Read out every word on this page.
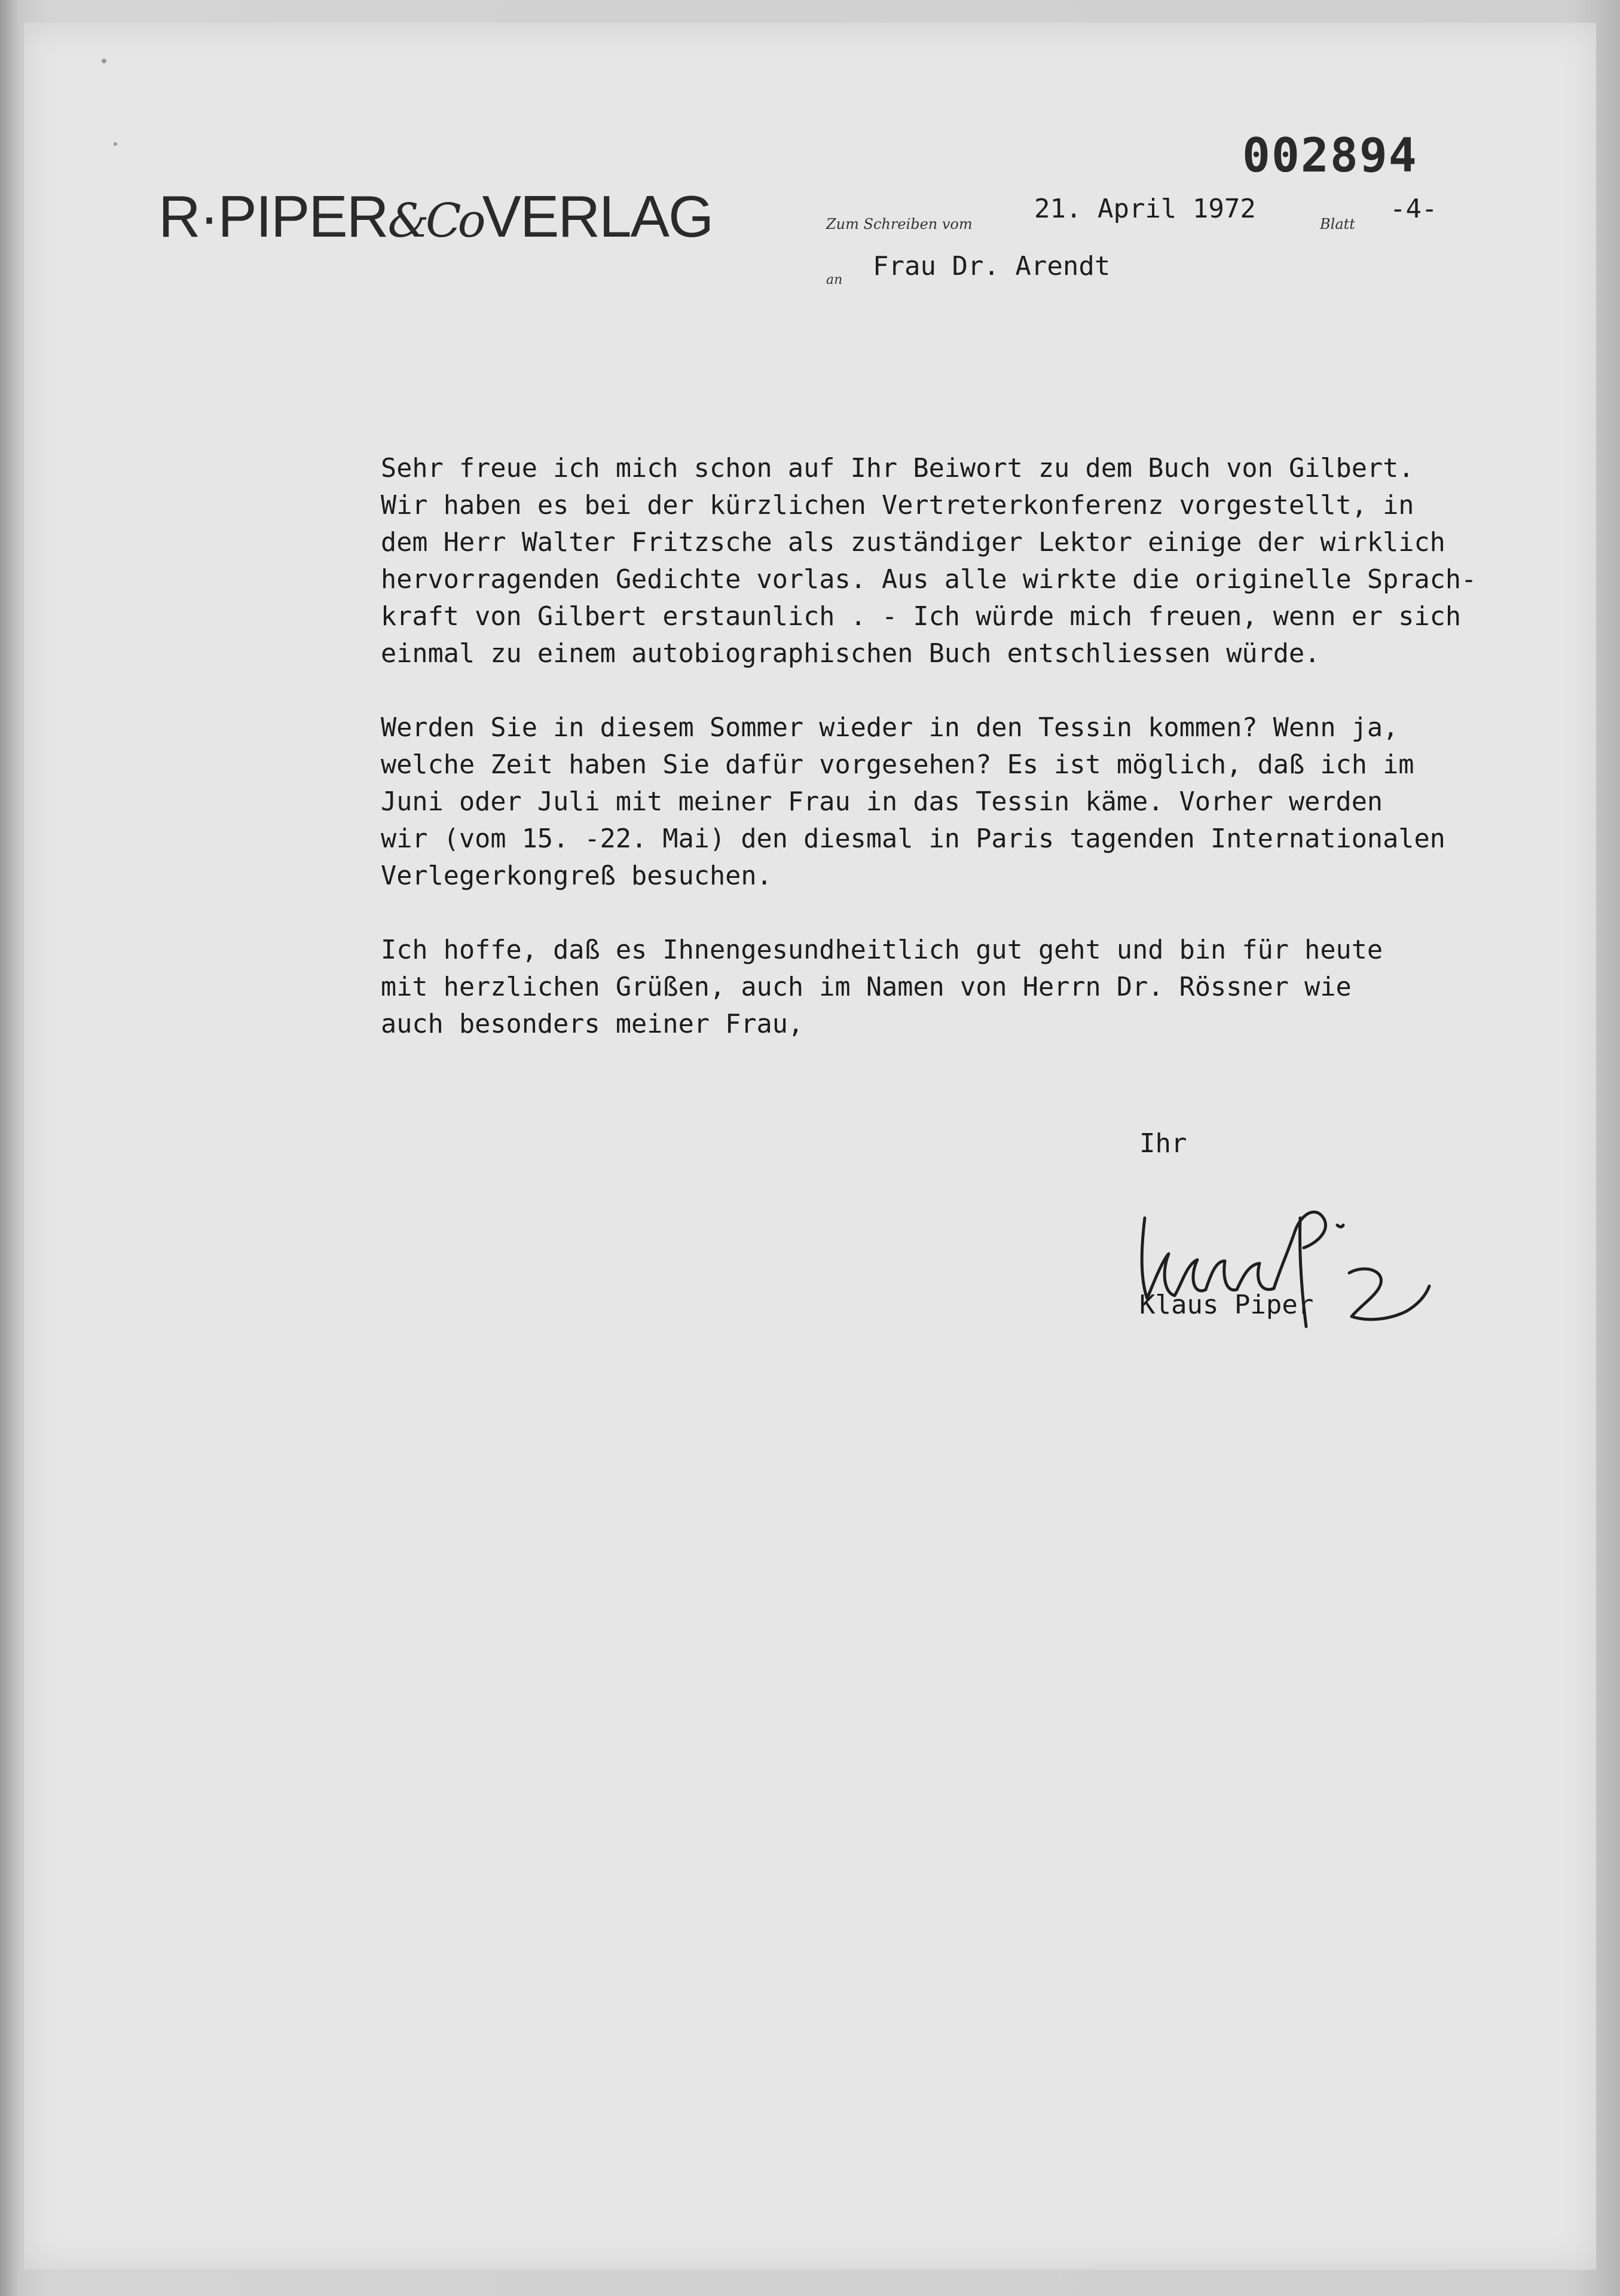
R·PIPER&CoVERLAG
002894
Zum Schreiben vom 21. April 1972	Blatt -4-
an Frau Dr. Arendt

Sehr freue ich mich schon auf Ihr Beiwort zu dem Buch von Gilbert.
Wir haben es bei der kürzlichen Vertreterkonferenz vorgestellt, in
dem Herr Walter Fritzsche als zuständiger Lektor einige der wirklich
hervorragenden Gedichte vorlas. Aus alle wirkte die originelle Sprach-
kraft von Gilbert erstaunlich . - Ich würde mich freuen, wenn er sich
einmal zu einem autobiographischen Buch entschliessen würde.

Werden Sie in diesem Sommer wieder in den Tessin kommen? Wenn ja,
welche Zeit haben Sie dafür vorgesehen? Es ist möglich, daß ich im
Juni oder Juli mit meiner Frau in das Tessin käme. Vorher werden
wir (vom 15. -22. Mai) den diesmal in Paris tagenden Internationalen
Verlegerkongreß besuchen.

Ich hoffe, daß es Ihnengesundheitlich gut geht und bin für heute
mit herzlichen Grüßen, auch im Namen von Herrn Dr. Rössner wie
auch besonders meiner Frau,

Ihr
Klaus Piper
